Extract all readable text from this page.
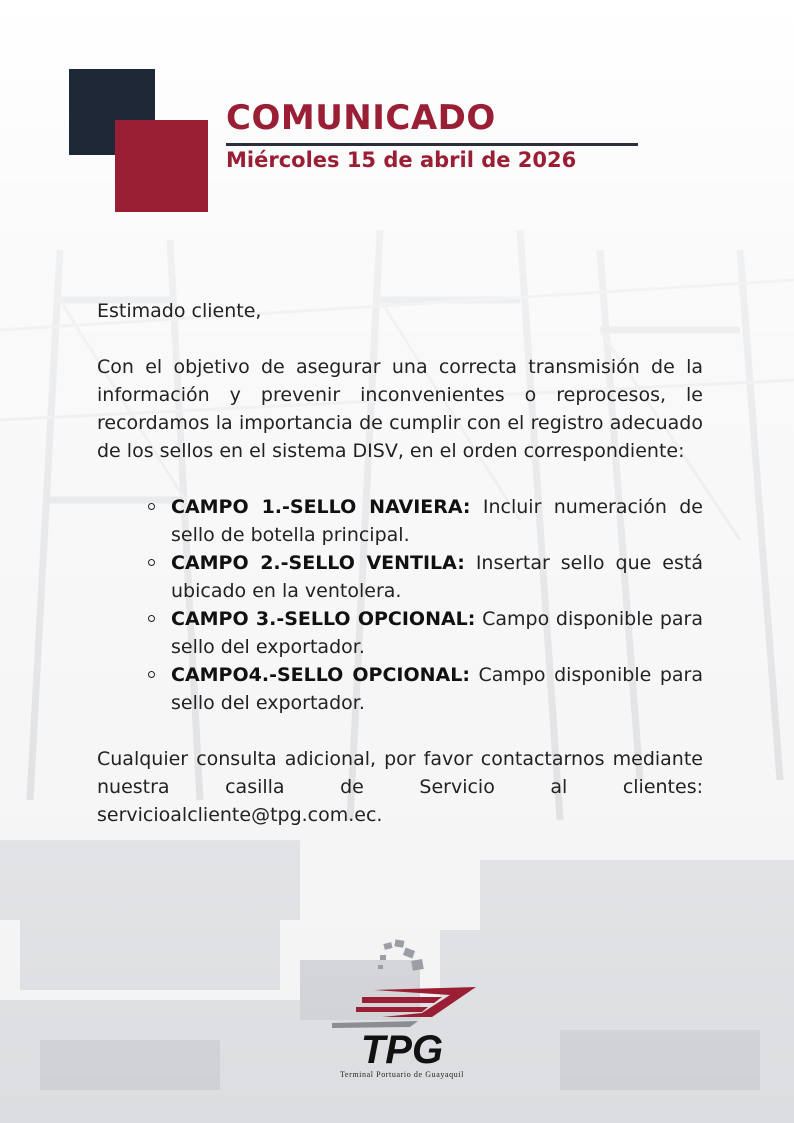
COMUNICADO
Miércoles 15 de abril de 2026

Estimado cliente,

Con el objetivo de asegurar una correcta transmisión de la información y prevenir inconvenientes o reprocesos, le recordamos la importancia de cumplir con el registro adecuado de los sellos en el sistema DISV, en el orden correspondiente:

CAMPO 1.-SELLO NAVIERA: Incluir numeración de sello de botella principal.
CAMPO 2.-SELLO VENTILA: Insertar sello que está ubicado en la ventolera.
CAMPO 3.-SELLO OPCIONAL: Campo disponible para sello del exportador.
CAMPO4.-SELLO OPCIONAL: Campo disponible para sello del exportador.

Cualquier consulta adicional, por favor contactarnos mediante nuestra casilla de Servicio al clientes: servicioalcliente@tpg.com.ec.

TPG
Terminal Portuario de Guayaquil
